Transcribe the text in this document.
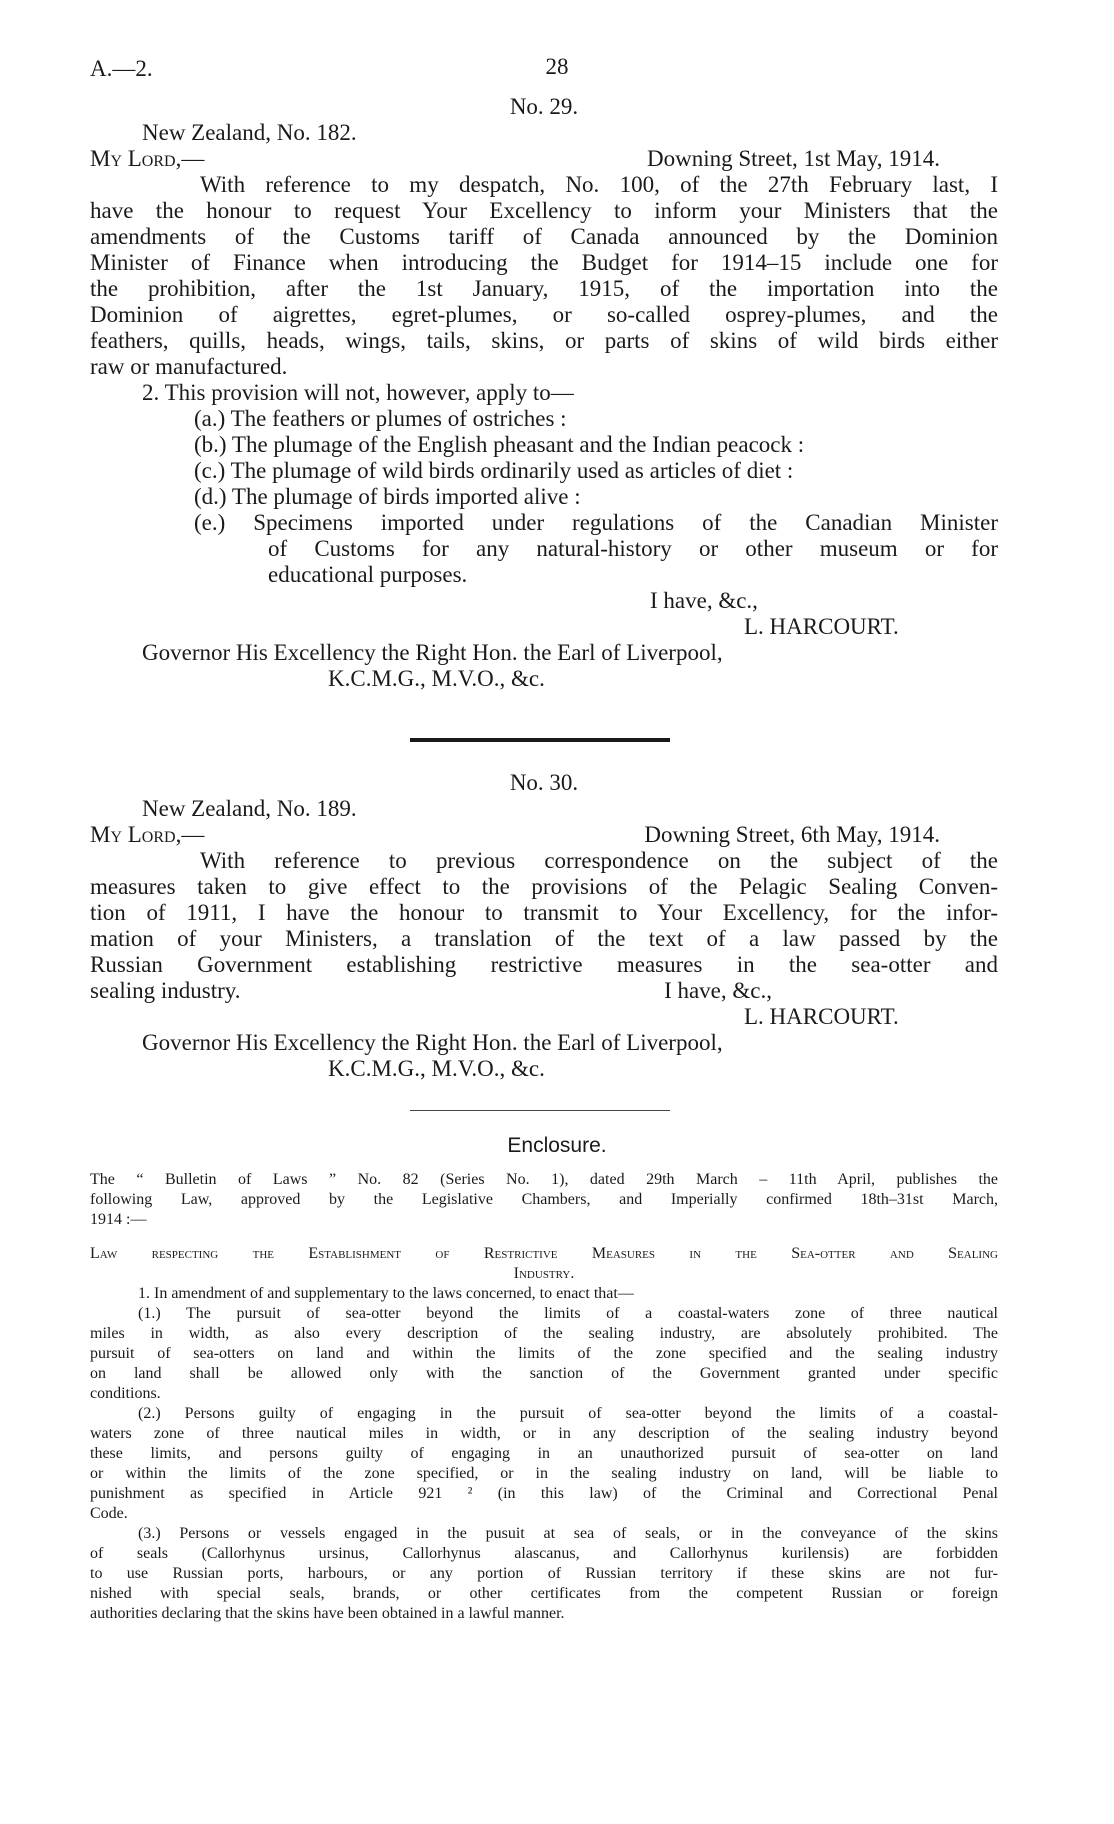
A.—2.	28
No. 29.
New Zealand, No. 182.
My Lord,—	Downing Street, 1st May, 1914.
With reference to my despatch, No. 100, of the 27th February last, I
have the honour to request Your Excellency to inform your Ministers that the
amendments of the Customs tariff of Canada announced by the Dominion
Minister of Finance when introducing the Budget for 1914–15 include one for
the prohibition, after the 1st January, 1915, of the importation into the
Dominion of aigrettes, egret-plumes, or so-called osprey-plumes, and the
feathers, quills, heads, wings, tails, skins, or parts of skins of wild birds either
raw or manufactured.
2. This provision will not, however, apply to—
(a.) The feathers or plumes of ostriches :
(b.) The plumage of the English pheasant and the Indian peacock :
(c.) The plumage of wild birds ordinarily used as articles of diet :
(d.) The plumage of birds imported alive :
(e.) Specimens imported under regulations of the Canadian Minister
of Customs for any natural-history or other museum or for
educational purposes.
I have, &c.,
L. HARCOURT.
Governor His Excellency the Right Hon. the Earl of Liverpool,
K.C.M.G., M.V.O., &c.
No. 30.
New Zealand, No. 189.
My Lord,—	Downing Street, 6th May, 1914.
With reference to previous correspondence on the subject of the
measures taken to give effect to the provisions of the Pelagic Sealing Conven-
tion of 1911, I have the honour to transmit to Your Excellency, for the infor-
mation of your Ministers, a translation of the text of a law passed by the
Russian Government establishing restrictive measures in the sea-otter and
sealing industry.	I have, &c.,
L. HARCOURT.
Governor His Excellency the Right Hon. the Earl of Liverpool,
K.C.M.G., M.V.O., &c.
Enclosure.
The “ Bulletin of Laws ” No. 82 (Series No. 1), dated 29th March – 11th April, publishes the
following Law, approved by the Legislative Chambers, and Imperially confirmed 18th–31st March,
1914 :—
Law respecting the Establishment of Restrictive Measures in the Sea-otter and Sealing
Industry.
1. In amendment of and supplementary to the laws concerned, to enact that—
(1.) The pursuit of sea-otter beyond the limits of a coastal-waters zone of three nautical
miles in width, as also every description of the sealing industry, are absolutely prohibited. The
pursuit of sea-otters on land and within the limits of the zone specified and the sealing industry
on land shall be allowed only with the sanction of the Government granted under specific
conditions.
(2.) Persons guilty of engaging in the pursuit of sea-otter beyond the limits of a coastal-
waters zone of three nautical miles in width, or in any description of the sealing industry beyond
these limits, and persons guilty of engaging in an unauthorized pursuit of sea-otter on land
or within the limits of the zone specified, or in the sealing industry on land, will be liable to
punishment as specified in Article 921 ² (in this law) of the Criminal and Correctional Penal
Code.
(3.) Persons or vessels engaged in the pusuit at sea of seals, or in the conveyance of the skins
of seals (Callorhynus ursinus, Callorhynus alascanus, and Callorhynus kurilensis) are forbidden
to use Russian ports, harbours, or any portion of Russian territory if these skins are not fur-
nished with special seals, brands, or other certificates from the competent Russian or foreign
authorities declaring that the skins have been obtained in a lawful manner.
